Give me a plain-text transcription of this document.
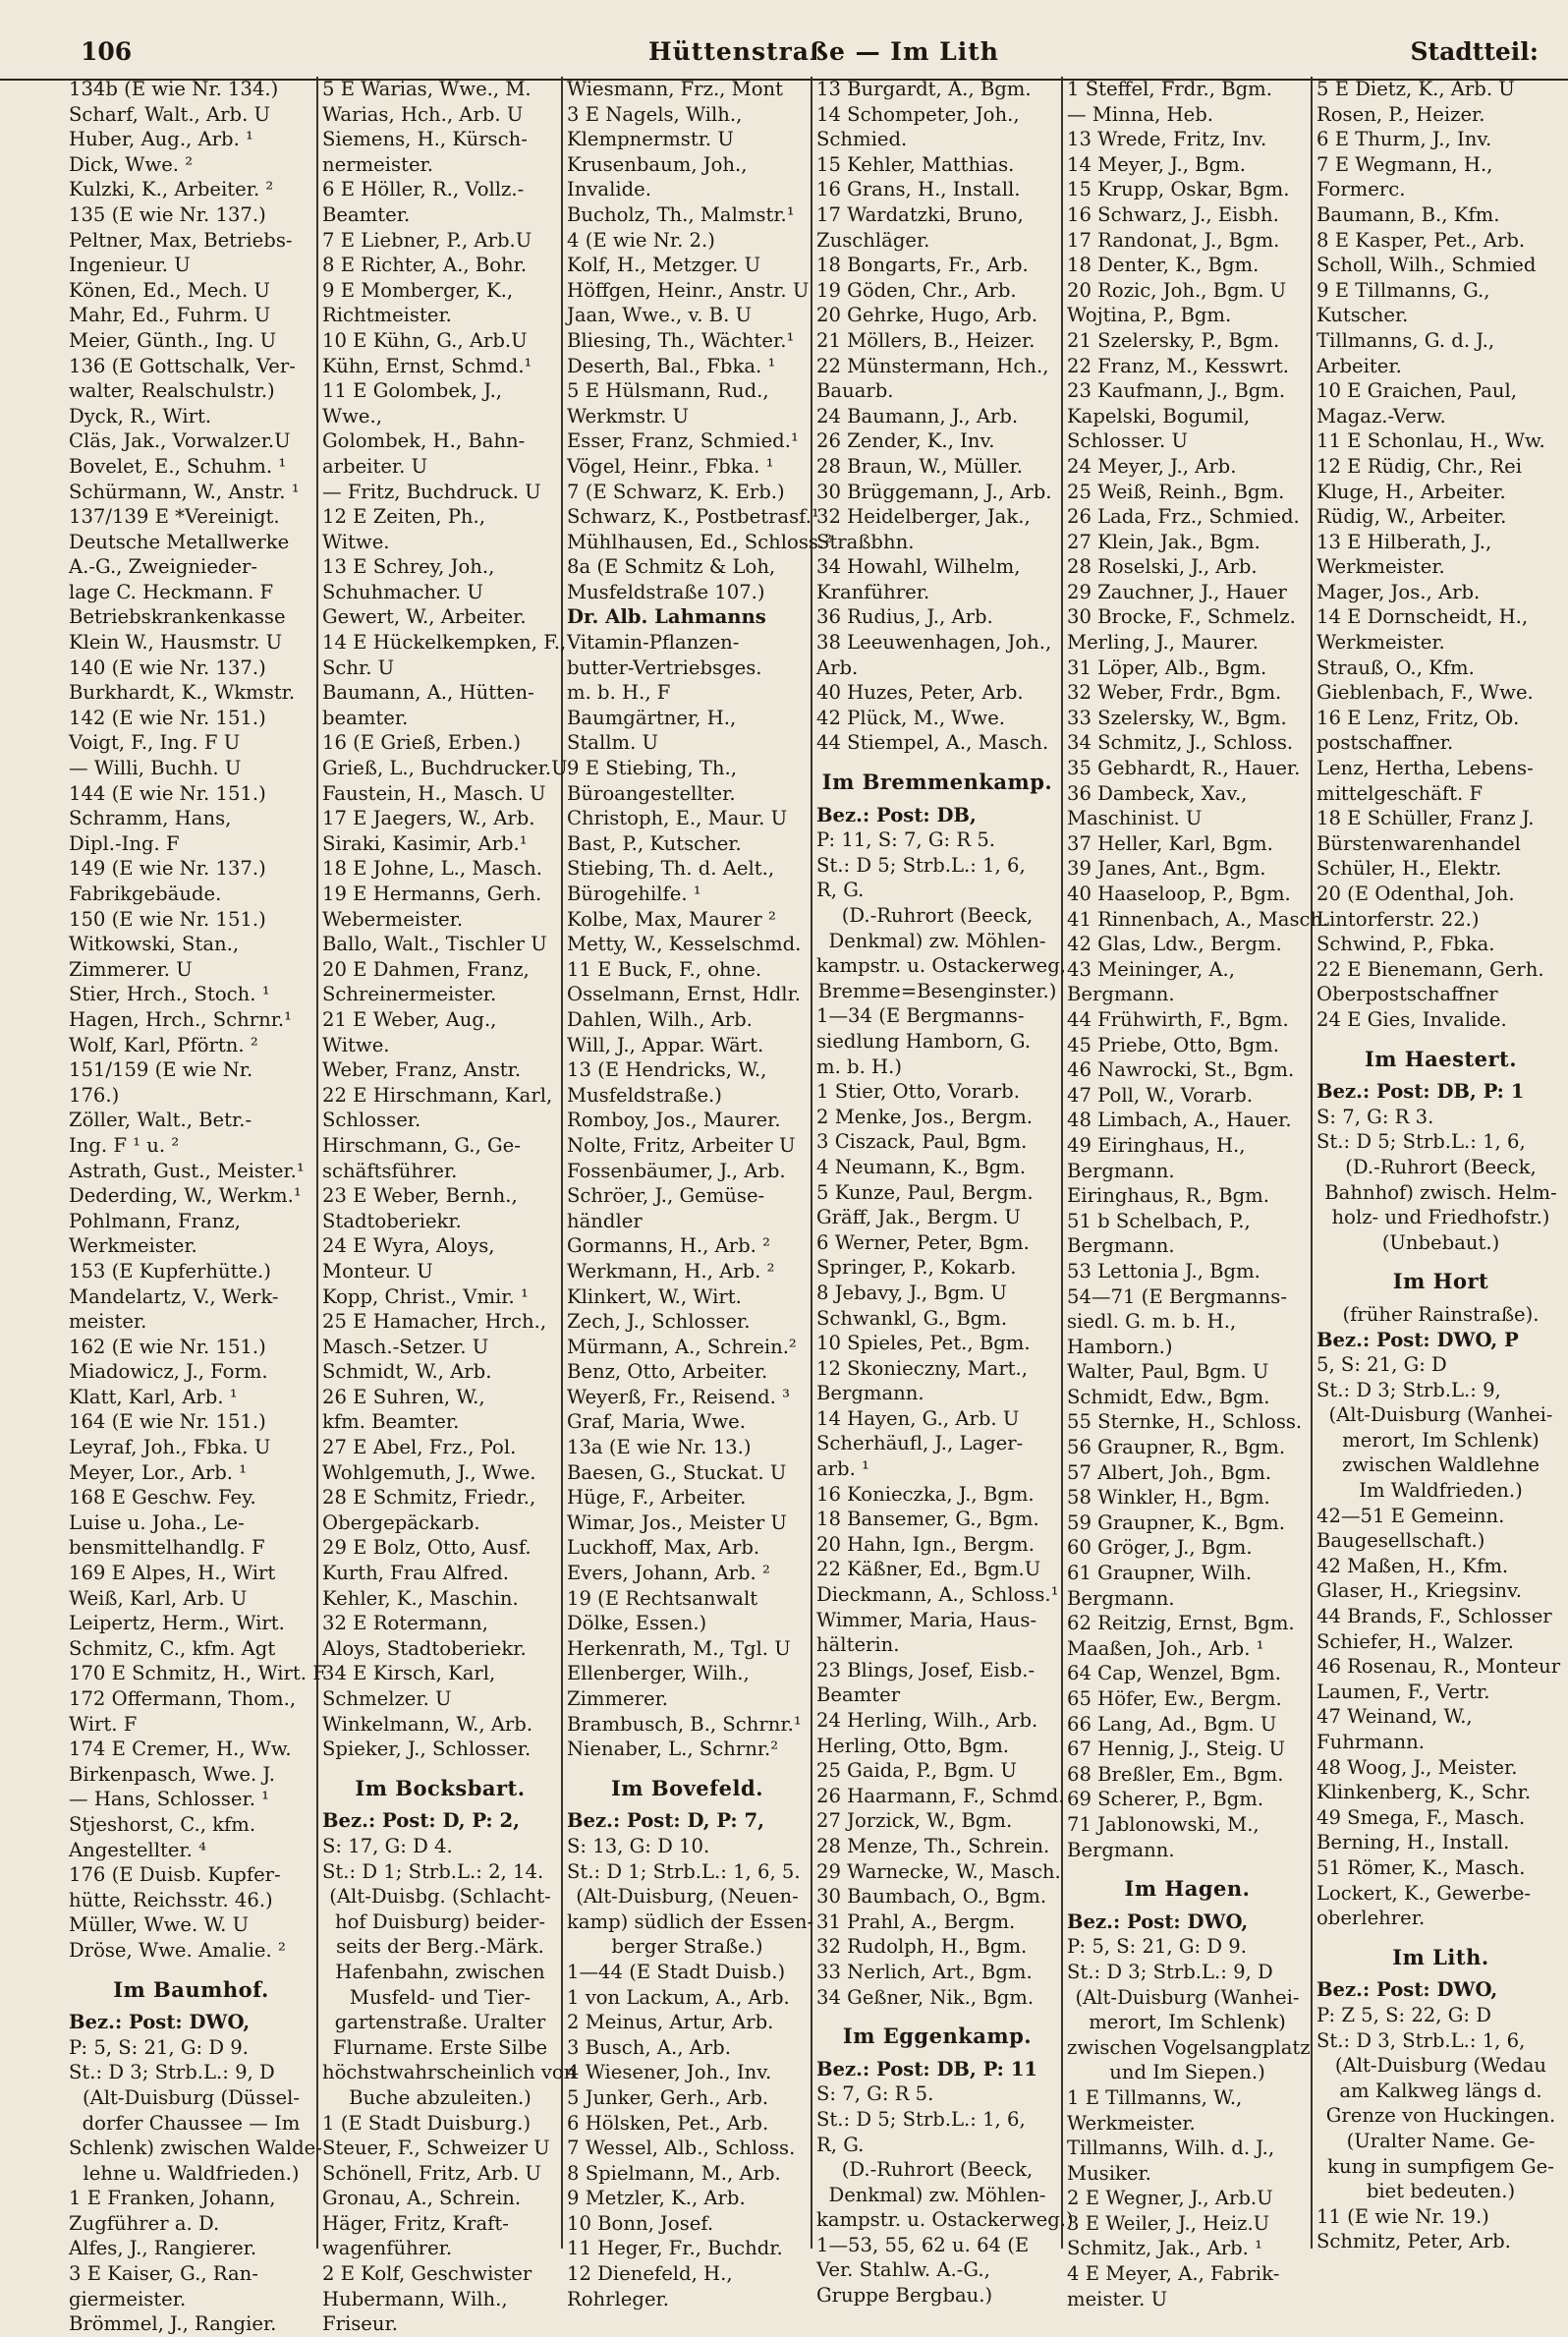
106	Hüttenstraße — Im Lith	Stadtteil:
134b (E wie Nr. 134.)
Scharf, Walt., Arb. U
Huber, Aug., Arb. ¹
Dick, Wwe. ²
Kulzki, K., Arbeiter. ²
135 (E wie Nr. 137.)
Peltner, Max, Betriebs-
Ingenieur. U
Könen, Ed., Mech. U
Mahr, Ed., Fuhrm. U
Meier, Günth., Ing. U
136 (E Gottschalk, Ver-
walter, Realschulstr.)
Dyck, R., Wirt.
Cläs, Jak., Vorwalzer.U
Bovelet, E., Schuhm. ¹
Schürmann, W., Anstr. ¹
137/139 E *Vereinigt.
Deutsche Metallwerke
A.-G., Zweignieder-
lage C. Heckmann. F
Betriebskrankenkasse
Klein W., Hausmstr. U
140 (E wie Nr. 137.)
Burkhardt, K., Wkmstr.
142 (E wie Nr. 151.)
Voigt, F., Ing. F U
— Willi, Buchh. U
144 (E wie Nr. 151.)
Schramm, Hans,
Dipl.-Ing. F
149 (E wie Nr. 137.)
Fabrikgebäude.
150 (E wie Nr. 151.)
Witkowski, Stan.,
Zimmerer. U
Stier, Hrch., Stoch. ¹
Hagen, Hrch., Schrnr.¹
Wolf, Karl, Pförtn. ²
151/159 (E wie Nr.
176.)
Zöller, Walt., Betr.-
Ing. F ¹ u. ²
Astrath, Gust., Meister.¹
Dederding, W., Werkm.¹
Pohlmann, Franz,
Werkmeister.
153 (E Kupferhütte.)
Mandelartz, V., Werk-
meister.
162 (E wie Nr. 151.)
Miadowicz, J., Form.
Klatt, Karl, Arb. ¹
164 (E wie Nr. 151.)
Leyraf, Joh., Fbka. U
Meyer, Lor., Arb. ¹
168 E Geschw. Fey.
Luise u. Joha., Le-
bensmittelhandlg. F
169 E Alpes, H., Wirt
Weiß, Karl, Arb. U
Leipertz, Herm., Wirt.
Schmitz, C., kfm. Agt
170 E Schmitz, H., Wirt. F
172 Offermann, Thom.,
Wirt. F
174 E Cremer, H., Ww.
Birkenpasch, Wwe. J.
— Hans, Schlosser. ¹
Stjeshorst, C., kfm.
Angestellter. ⁴
176 (E Duisb. Kupfer-
hütte, Reichsstr. 46.)
Müller, Wwe. W. U
Dröse, Wwe. Amalie. ²
Im Baumhof.
Bez.: Post: DWO,
P: 5, S: 21, G: D 9.
St.: D 3; Strb.L.: 9, D
(Alt-Duisburg (Düssel-
dorfer Chaussee — Im
Schlenk) zwischen Walde-
lehne u. Waldfrieden.)
1 E Franken, Johann,
Zugführer a. D.
Alfes, J., Rangierer.
3 E Kaiser, G., Ran-
giermeister.
Brömmel, J., Rangier.
5 E Warias, Wwe., M.
Warias, Hch., Arb. U
Siemens, H., Kürsch-
nermeister.
6 E Höller, R., Vollz.-
Beamter.
7 E Liebner, P., Arb.U
8 E Richter, A., Bohr.
9 E Momberger, K.,
Richtmeister.
10 E Kühn, G., Arb.U
Kühn, Ernst, Schmd.¹
11 E Golombek, J.,
Wwe.,
Golombek, H., Bahn-
arbeiter. U
— Fritz, Buchdruck. U
12 E Zeiten, Ph.,
Witwe.
13 E Schrey, Joh.,
Schuhmacher. U
Gewert, W., Arbeiter.
14 E Hückelkempken, F.,
Schr. U
Baumann, A., Hütten-
beamter.
16 (E Grieß, Erben.)
Grieß, L., Buchdrucker.U
Faustein, H., Masch. U
17 E Jaegers, W., Arb.
Siraki, Kasimir, Arb.¹
18 E Johne, L., Masch.
19 E Hermanns, Gerh.
Webermeister.
Ballo, Walt., Tischler U
20 E Dahmen, Franz,
Schreinermeister.
21 E Weber, Aug.,
Witwe.
Weber, Franz, Anstr.
22 E Hirschmann, Karl,
Schlosser.
Hirschmann, G., Ge-
schäftsführer.
23 E Weber, Bernh.,
Stadtoberiekr.
24 E Wyra, Aloys,
Monteur. U
Kopp, Christ., Vmir. ¹
25 E Hamacher, Hrch.,
Masch.-Setzer. U
Schmidt, W., Arb.
26 E Suhren, W.,
kfm. Beamter.
27 E Abel, Frz., Pol.
Wohlgemuth, J., Wwe.
28 E Schmitz, Friedr.,
Obergepäckarb.
29 E Bolz, Otto, Ausf.
Kurth, Frau Alfred.
Kehler, K., Maschin.
32 E Rotermann,
Aloys, Stadtoberiekr.
34 E Kirsch, Karl,
Schmelzer. U
Winkelmann, W., Arb.
Spieker, J., Schlosser.
Im Bocksbart.
Bez.: Post: D, P: 2,
S: 17, G: D 4.
St.: D 1; Strb.L.: 2, 14.
(Alt-Duisbg. (Schlacht-
hof Duisburg) beider-
seits der Berg.-Märk.
Hafenbahn, zwischen
Musfeld- und Tier-
gartenstraße. Uralter
Flurname. Erste Silbe
höchstwahrscheinlich von
Buche abzuleiten.)
1 (E Stadt Duisburg.)
Steuer, F., Schweizer U
Schönell, Fritz, Arb. U
Gronau, A., Schrein.
Häger, Fritz, Kraft-
wagenführer.
2 E Kolf, Geschwister
Hubermann, Wilh.,
Friseur.
Wiesmann, Frz., Mont
3 E Nagels, Wilh.,
Klempnermstr. U
Krusenbaum, Joh.,
Invalide.
Bucholz, Th., Malmstr.¹
4 (E wie Nr. 2.)
Kolf, H., Metzger. U
Höffgen, Heinr., Anstr. U
Jaan, Wwe., v. B. U
Bliesing, Th., Wächter.¹
Deserth, Bal., Fbka. ¹
5 E Hülsmann, Rud.,
Werkmstr. U
Esser, Franz, Schmied.¹
Vögel, Heinr., Fbka. ¹
7 (E Schwarz, K. Erb.)
Schwarz, K., Postbetrasf.¹
Mühlhausen, Ed., Schloss.²
8a (E Schmitz & Loh,
Musfeldstraße 107.)
Dr. Alb. Lahmanns
Vitamin-Pflanzen-
butter-Vertriebsges.
m. b. H., F
Baumgärtner, H.,
Stallm. U
9 E Stiebing, Th.,
Büroangestellter.
Christoph, E., Maur. U
Bast, P., Kutscher.
Stiebing, Th. d. Aelt.,
Bürogehilfe. ¹
Kolbe, Max, Maurer ²
Metty, W., Kesselschmd.
11 E Buck, F., ohne.
Osselmann, Ernst, Hdlr.
Dahlen, Wilh., Arb.
Will, J., Appar. Wärt.
13 (E Hendricks, W.,
Musfeldstraße.)
Romboy, Jos., Maurer.
Nolte, Fritz, Arbeiter U
Fossenbäumer, J., Arb.
Schröer, J., Gemüse-
händler
Gormanns, H., Arb. ²
Werkmann, H., Arb. ²
Klinkert, W., Wirt.
Zech, J., Schlosser.
Mürmann, A., Schrein.²
Benz, Otto, Arbeiter.
Weyerß, Fr., Reisend. ³
Graf, Maria, Wwe.
13a (E wie Nr. 13.)
Baesen, G., Stuckat. U
Hüge, F., Arbeiter.
Wimar, Jos., Meister U
Luckhoff, Max, Arb.
Evers, Johann, Arb. ²
19 (E Rechtsanwalt
Dölke, Essen.)
Herkenrath, M., Tgl. U
Ellenberger, Wilh.,
Zimmerer.
Brambusch, B., Schrnr.¹
Nienaber, L., Schrnr.²
Im Bovefeld.
Bez.: Post: D, P: 7,
S: 13, G: D 10.
St.: D 1; Strb.L.: 1, 6, 5.
(Alt-Duisburg, (Neuen-
kamp) südlich der Essen-
berger Straße.)
1—44 (E Stadt Duisb.)
1 von Lackum, A., Arb.
2 Meinus, Artur, Arb.
3 Busch, A., Arb.
4 Wiesener, Joh., Inv.
5 Junker, Gerh., Arb.
6 Hölsken, Pet., Arb.
7 Wessel, Alb., Schloss.
8 Spielmann, M., Arb.
9 Metzler, K., Arb.
10 Bonn, Josef.
11 Heger, Fr., Buchdr.
12 Dienefeld, H.,
Rohrleger.
13 Burgardt, A., Bgm.
14 Schompeter, Joh.,
Schmied.
15 Kehler, Matthias.
16 Grans, H., Install.
17 Wardatzki, Bruno,
Zuschläger.
18 Bongarts, Fr., Arb.
19 Göden, Chr., Arb.
20 Gehrke, Hugo, Arb.
21 Möllers, B., Heizer.
22 Münstermann, Hch.,
Bauarb.
24 Baumann, J., Arb.
26 Zender, K., Inv.
28 Braun, W., Müller.
30 Brüggemann, J., Arb.
32 Heidelberger, Jak.,
Straßbhn.
34 Howahl, Wilhelm,
Kranführer.
36 Rudius, J., Arb.
38 Leeuwenhagen, Joh.,
Arb.
40 Huzes, Peter, Arb.
42 Plück, M., Wwe.
44 Stiempel, A., Masch.
Im Bremmenkamp.
Bez.: Post: DB,
P: 11, S: 7, G: R 5.
St.: D 5; Strb.L.: 1, 6,
R, G.
(D.-Ruhrort (Beeck,
Denkmal) zw. Möhlen-
kampstr. u. Ostackerweg,
Bremme=Besenginster.)
1—34 (E Bergmanns-
siedlung Hamborn, G.
m. b. H.)
1 Stier, Otto, Vorarb.
2 Menke, Jos., Bergm.
3 Ciszack, Paul, Bgm.
4 Neumann, K., Bgm.
5 Kunze, Paul, Bergm.
Gräff, Jak., Bergm. U
6 Werner, Peter, Bgm.
Springer, P., Kokarb.
8 Jebavy, J., Bgm. U
Schwankl, G., Bgm.
10 Spieles, Pet., Bgm.
12 Skonieczny, Mart.,
Bergmann.
14 Hayen, G., Arb. U
Scherhäufl, J., Lager-
arb. ¹
16 Konieczka, J., Bgm.
18 Bansemer, G., Bgm.
20 Hahn, Ign., Bergm.
22 Käßner, Ed., Bgm.U
Dieckmann, A., Schloss.¹
Wimmer, Maria, Haus-
hälterin.
23 Blings, Josef, Eisb.-
Beamter
24 Herling, Wilh., Arb.
Herling, Otto, Bgm.
25 Gaida, P., Bgm. U
26 Haarmann, F., Schmd.
27 Jorzick, W., Bgm.
28 Menze, Th., Schrein.
29 Warnecke, W., Masch.
30 Baumbach, O., Bgm.
31 Prahl, A., Bergm.
32 Rudolph, H., Bgm.
33 Nerlich, Art., Bgm.
34 Geßner, Nik., Bgm.
Im Eggenkamp.
Bez.: Post: DB, P: 11
S: 7, G: R 5.
St.: D 5; Strb.L.: 1, 6,
R, G.
(D.-Ruhrort (Beeck,
Denkmal) zw. Möhlen-
kampstr. u. Ostackerweg.)
1—53, 55, 62 u. 64 (E
Ver. Stahlw. A.-G.,
Gruppe Bergbau.)
1 Steffel, Frdr., Bgm.
— Minna, Heb.
13 Wrede, Fritz, Inv.
14 Meyer, J., Bgm.
15 Krupp, Oskar, Bgm.
16 Schwarz, J., Eisbh.
17 Randonat, J., Bgm.
18 Denter, K., Bgm.
20 Rozic, Joh., Bgm. U
Wojtina, P., Bgm.
21 Szelersky, P., Bgm.
22 Franz, M., Kesswrt.
23 Kaufmann, J., Bgm.
Kapelski, Bogumil,
Schlosser. U
24 Meyer, J., Arb.
25 Weiß, Reinh., Bgm.
26 Lada, Frz., Schmied.
27 Klein, Jak., Bgm.
28 Roselski, J., Arb.
29 Zauchner, J., Hauer
30 Brocke, F., Schmelz.
Merling, J., Maurer.
31 Löper, Alb., Bgm.
32 Weber, Frdr., Bgm.
33 Szelersky, W., Bgm.
34 Schmitz, J., Schloss.
35 Gebhardt, R., Hauer.
36 Dambeck, Xav.,
Maschinist. U
37 Heller, Karl, Bgm.
39 Janes, Ant., Bgm.
40 Haaseloop, P., Bgm.
41 Rinnenbach, A., Masch.
42 Glas, Ldw., Bergm.
43 Meininger, A.,
Bergmann.
44 Frühwirth, F., Bgm.
45 Priebe, Otto, Bgm.
46 Nawrocki, St., Bgm.
47 Poll, W., Vorarb.
48 Limbach, A., Hauer.
49 Eiringhaus, H.,
Bergmann.
Eiringhaus, R., Bgm.
51 b Schelbach, P.,
Bergmann.
53 Lettonia J., Bgm.
54—71 (E Bergmanns-
siedl. G. m. b. H.,
Hamborn.)
Walter, Paul, Bgm. U
Schmidt, Edw., Bgm.
55 Sternke, H., Schloss.
56 Graupner, R., Bgm.
57 Albert, Joh., Bgm.
58 Winkler, H., Bgm.
59 Graupner, K., Bgm.
60 Gröger, J., Bgm.
61 Graupner, Wilh.
Bergmann.
62 Reitzig, Ernst, Bgm.
Maaßen, Joh., Arb. ¹
64 Cap, Wenzel, Bgm.
65 Höfer, Ew., Bergm.
66 Lang, Ad., Bgm. U
67 Hennig, J., Steig. U
68 Breßler, Em., Bgm.
69 Scherer, P., Bgm.
71 Jablonowski, M.,
Bergmann.
Im Hagen.
Bez.: Post: DWO,
P: 5, S: 21, G: D 9.
St.: D 3; Strb.L.: 9, D
(Alt-Duisburg (Wanhei-
merort, Im Schlenk)
zwischen Vogelsangplatz
und Im Siepen.)
1 E Tillmanns, W.,
Werkmeister.
Tillmanns, Wilh. d. J.,
Musiker.
2 E Wegner, J., Arb.U
3 E Weiler, J., Heiz.U
Schmitz, Jak., Arb. ¹
4 E Meyer, A., Fabrik-
meister. U
5 E Dietz, K., Arb. U
Rosen, P., Heizer.
6 E Thurm, J., Inv.
7 E Wegmann, H.,
Formerc.
Baumann, B., Kfm.
8 E Kasper, Pet., Arb.
Scholl, Wilh., Schmied
9 E Tillmanns, G.,
Kutscher.
Tillmanns, G. d. J.,
Arbeiter.
10 E Graichen, Paul,
Magaz.-Verw.
11 E Schonlau, H., Ww.
12 E Rüdig, Chr., Rei
Kluge, H., Arbeiter.
Rüdig, W., Arbeiter.
13 E Hilberath, J.,
Werkmeister.
Mager, Jos., Arb.
14 E Dornscheidt, H.,
Werkmeister.
Strauß, O., Kfm.
Gieblenbach, F., Wwe.
16 E Lenz, Fritz, Ob.
postschaffner.
Lenz, Hertha, Lebens-
mittelgeschäft. F
18 E Schüller, Franz J.
Bürstenwarenhandel
Schüler, H., Elektr.
20 (E Odenthal, Joh.
Lintorferstr. 22.)
Schwind, P., Fbka.
22 E Bienemann, Gerh.
Oberpostschaffner
24 E Gies, Invalide.
Im Haestert.
Bez.: Post: DB, P: 1
S: 7, G: R 3.
St.: D 5; Strb.L.: 1, 6,
(D.-Ruhrort (Beeck,
Bahnhof) zwisch. Helm-
holz- und Friedhofstr.)
(Unbebaut.)
Im Hort
(früher Rainstraße).
Bez.: Post: DWO, P
5, S: 21, G: D
St.: D 3; Strb.L.: 9,
(Alt-Duisburg (Wanhei-
merort, Im Schlenk)
zwischen Waldlehne
Im Waldfrieden.)
42—51 E Gemeinn.
Baugesellschaft.)
42 Maßen, H., Kfm.
Glaser, H., Kriegsinv.
44 Brands, F., Schlosser
Schiefer, H., Walzer.
46 Rosenau, R., Monteur
Laumen, F., Vertr.
47 Weinand, W.,
Fuhrmann.
48 Woog, J., Meister.
Klinkenberg, K., Schr.
49 Smega, F., Masch.
Berning, H., Install.
51 Römer, K., Masch.
Lockert, K., Gewerbe-
oberlehrer.
Im Lith.
Bez.: Post: DWO,
P: Z 5, S: 22, G: D
St.: D 3, Strb.L.: 1, 6,
(Alt-Duisburg (Wedau
am Kalkweg längs d.
Grenze von Huckingen.
(Uralter Name. Ge-
kung in sumpfigem Ge-
biet bedeuten.)
11 (E wie Nr. 19.)
Schmitz, Peter, Arb.
